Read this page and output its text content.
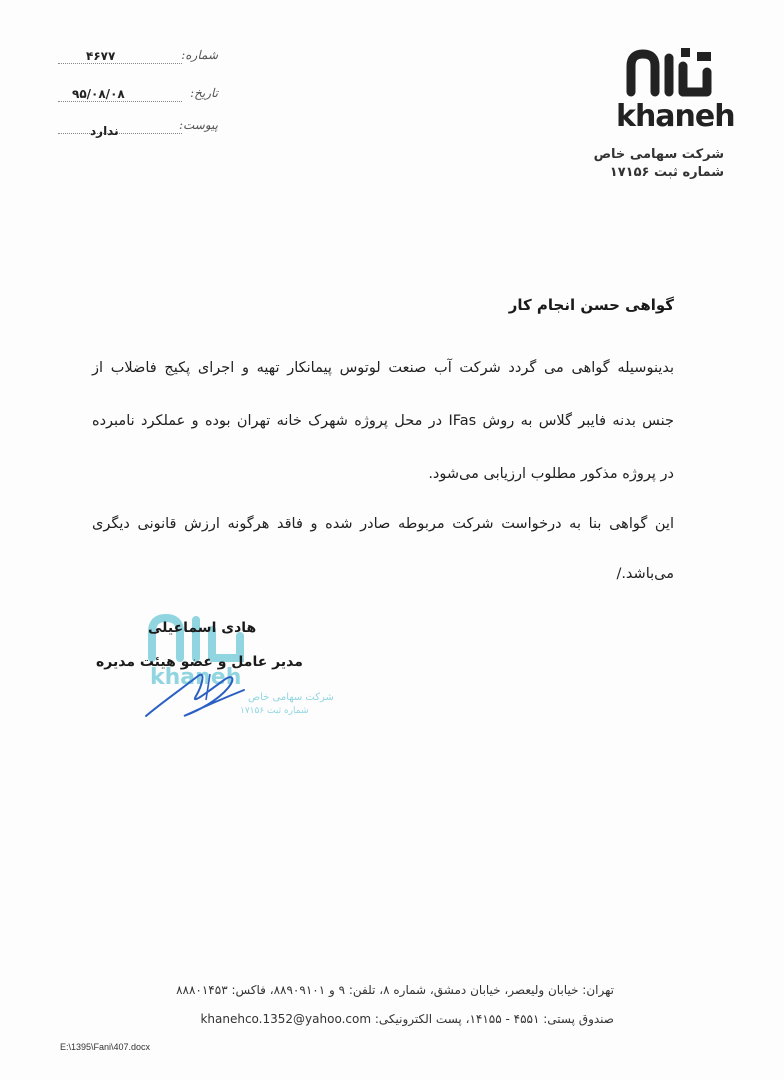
khaneh
شرکت سهامی خاص
شماره ثبت ۱۷۱۵۶
شماره:
۴۶۷۷
تاریخ:
۹۵/۰۸/۰۸
پیوست:
ندارد
گواهی حسن انجام کار
بدینوسیله گواهی می گردد شرکت آب صنعت لوتوس پیمانکار تهیه و اجرای پکیج فاضلاب از
جنس بدنه فایبر گلاس به روش IFas در محل پروژه شهرک خانه تهران بوده و عملکرد نامبرده
در پروژه مذکور مطلوب ارزیابی می‌شود.
این گواهی بنا به درخواست شرکت مربوطه صادر شده و فاقد هرگونه ارزش قانونی دیگری
می‌باشد./
khaneh
شرکت سهامی خاص
شماره ثبت ۱۷۱۵۶
هادی اسماعیلی
مدیر عامل و عضو هیئت مدیره
تهران: خیابان ولیعصر، خیابان دمشق، شماره ۸، تلفن: ۹ و ۸۸۹۰۹۱۰۱، فاکس: ۸۸۸۰۱۴۵۳
صندوق پستی: ۴۵۵۱ - ۱۴۱۵۵، پست الکترونیکی: khanehco.1352@yahoo.com
E:\1395\Fani\407.docx
